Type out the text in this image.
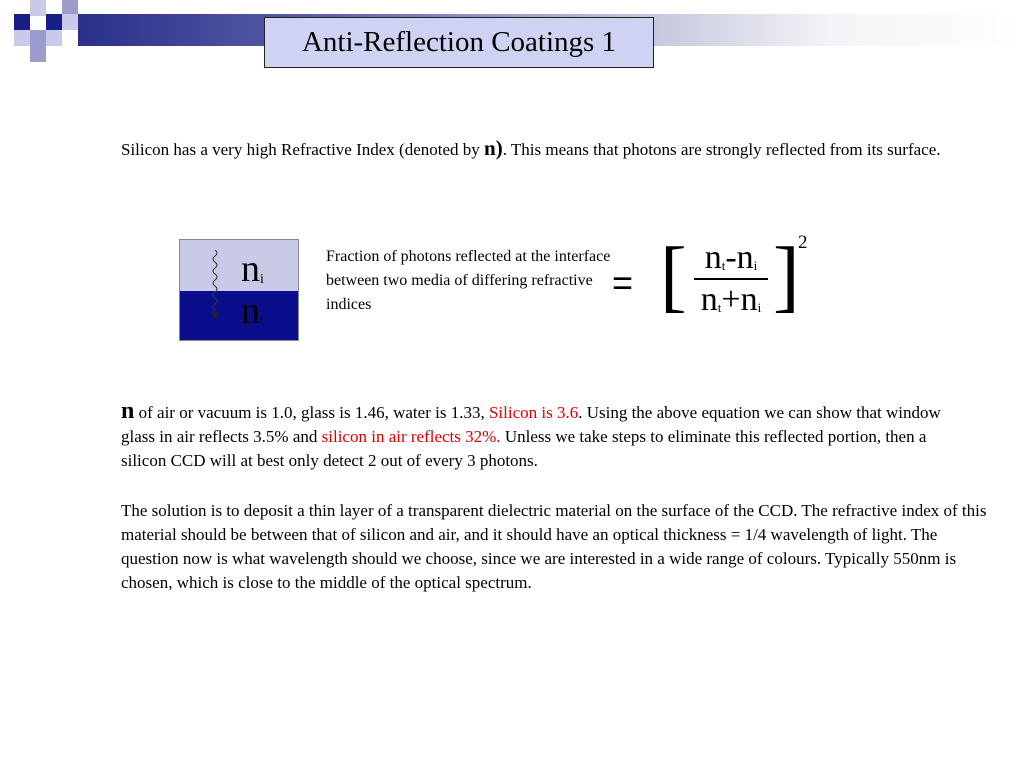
Anti-Reflection Coatings 1

Silicon has a very high Refractive Index (denoted by n). This means that photons are strongly reflected from its surface.

$n_i$
$n_t$
Fraction of photons reflected at the interface between two media of differing refractive indices
= [ $\frac{n_t-n_i}{n_t+n_i}$ ]
2

n of air or vacuum is 1.0, glass is 1.46, water is 1.33, Silicon is 3.6. Using the above equation we can show that window glass in air reflects 3.5% and silicon in air reflects 32%. Unless we take steps to eliminate this reflected portion, then a silicon CCD will at best only detect 2 out of every 3 photons.

The solution is to deposit a thin layer of a transparent dielectric material on the surface of the CCD. The refractive index of this material should be between that of silicon and air, and it should have an optical thickness = 1/4 wavelength of light. The question now is what wavelength should we choose, since we are interested in a wide range of colours. Typically 550nm is chosen, which is close to the middle of the optical spectrum.
